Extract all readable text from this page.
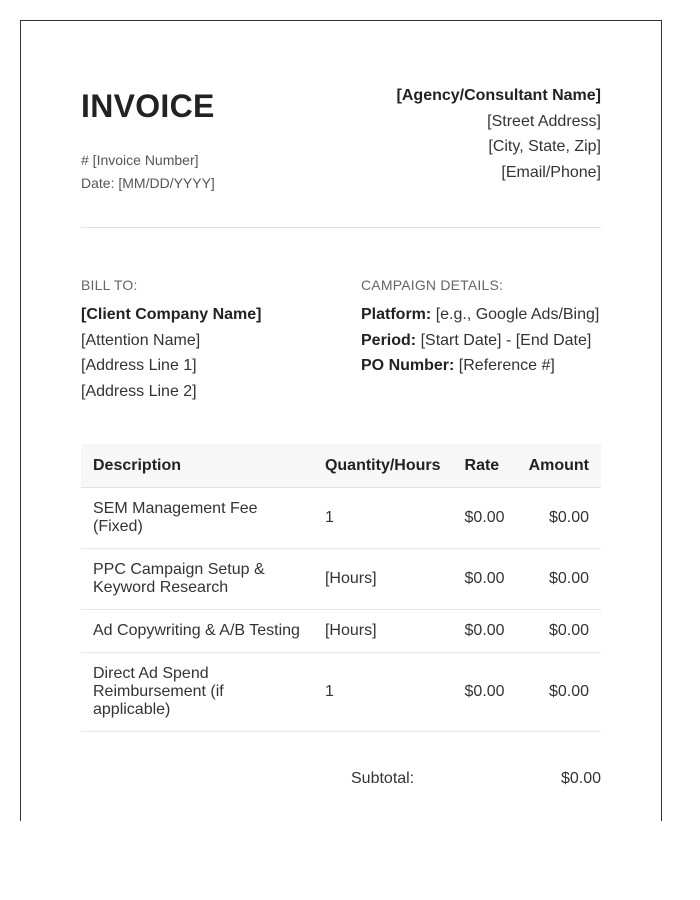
INVOICE
# [Invoice Number]
Date: [MM/DD/YYYY]
[Agency/Consultant Name]
[Street Address]
[City, State, Zip]
[Email/Phone]
BILL TO:
[Client Company Name]
[Attention Name]
[Address Line 1]
[Address Line 2]
CAMPAIGN DETAILS:
Platform: [e.g., Google Ads/Bing]
Period: [Start Date] - [End Date]
PO Number: [Reference #]
Description	Quantity/Hours	Rate	Amount
SEM Management Fee (Fixed)	1	$0.00	$0.00
PPC Campaign Setup & Keyword Research	[Hours]	$0.00	$0.00
Ad Copywriting & A/B Testing	[Hours]	$0.00	$0.00
Direct Ad Spend Reimbursement (if applicable)	1	$0.00	$0.00
Subtotal:	$0.00
